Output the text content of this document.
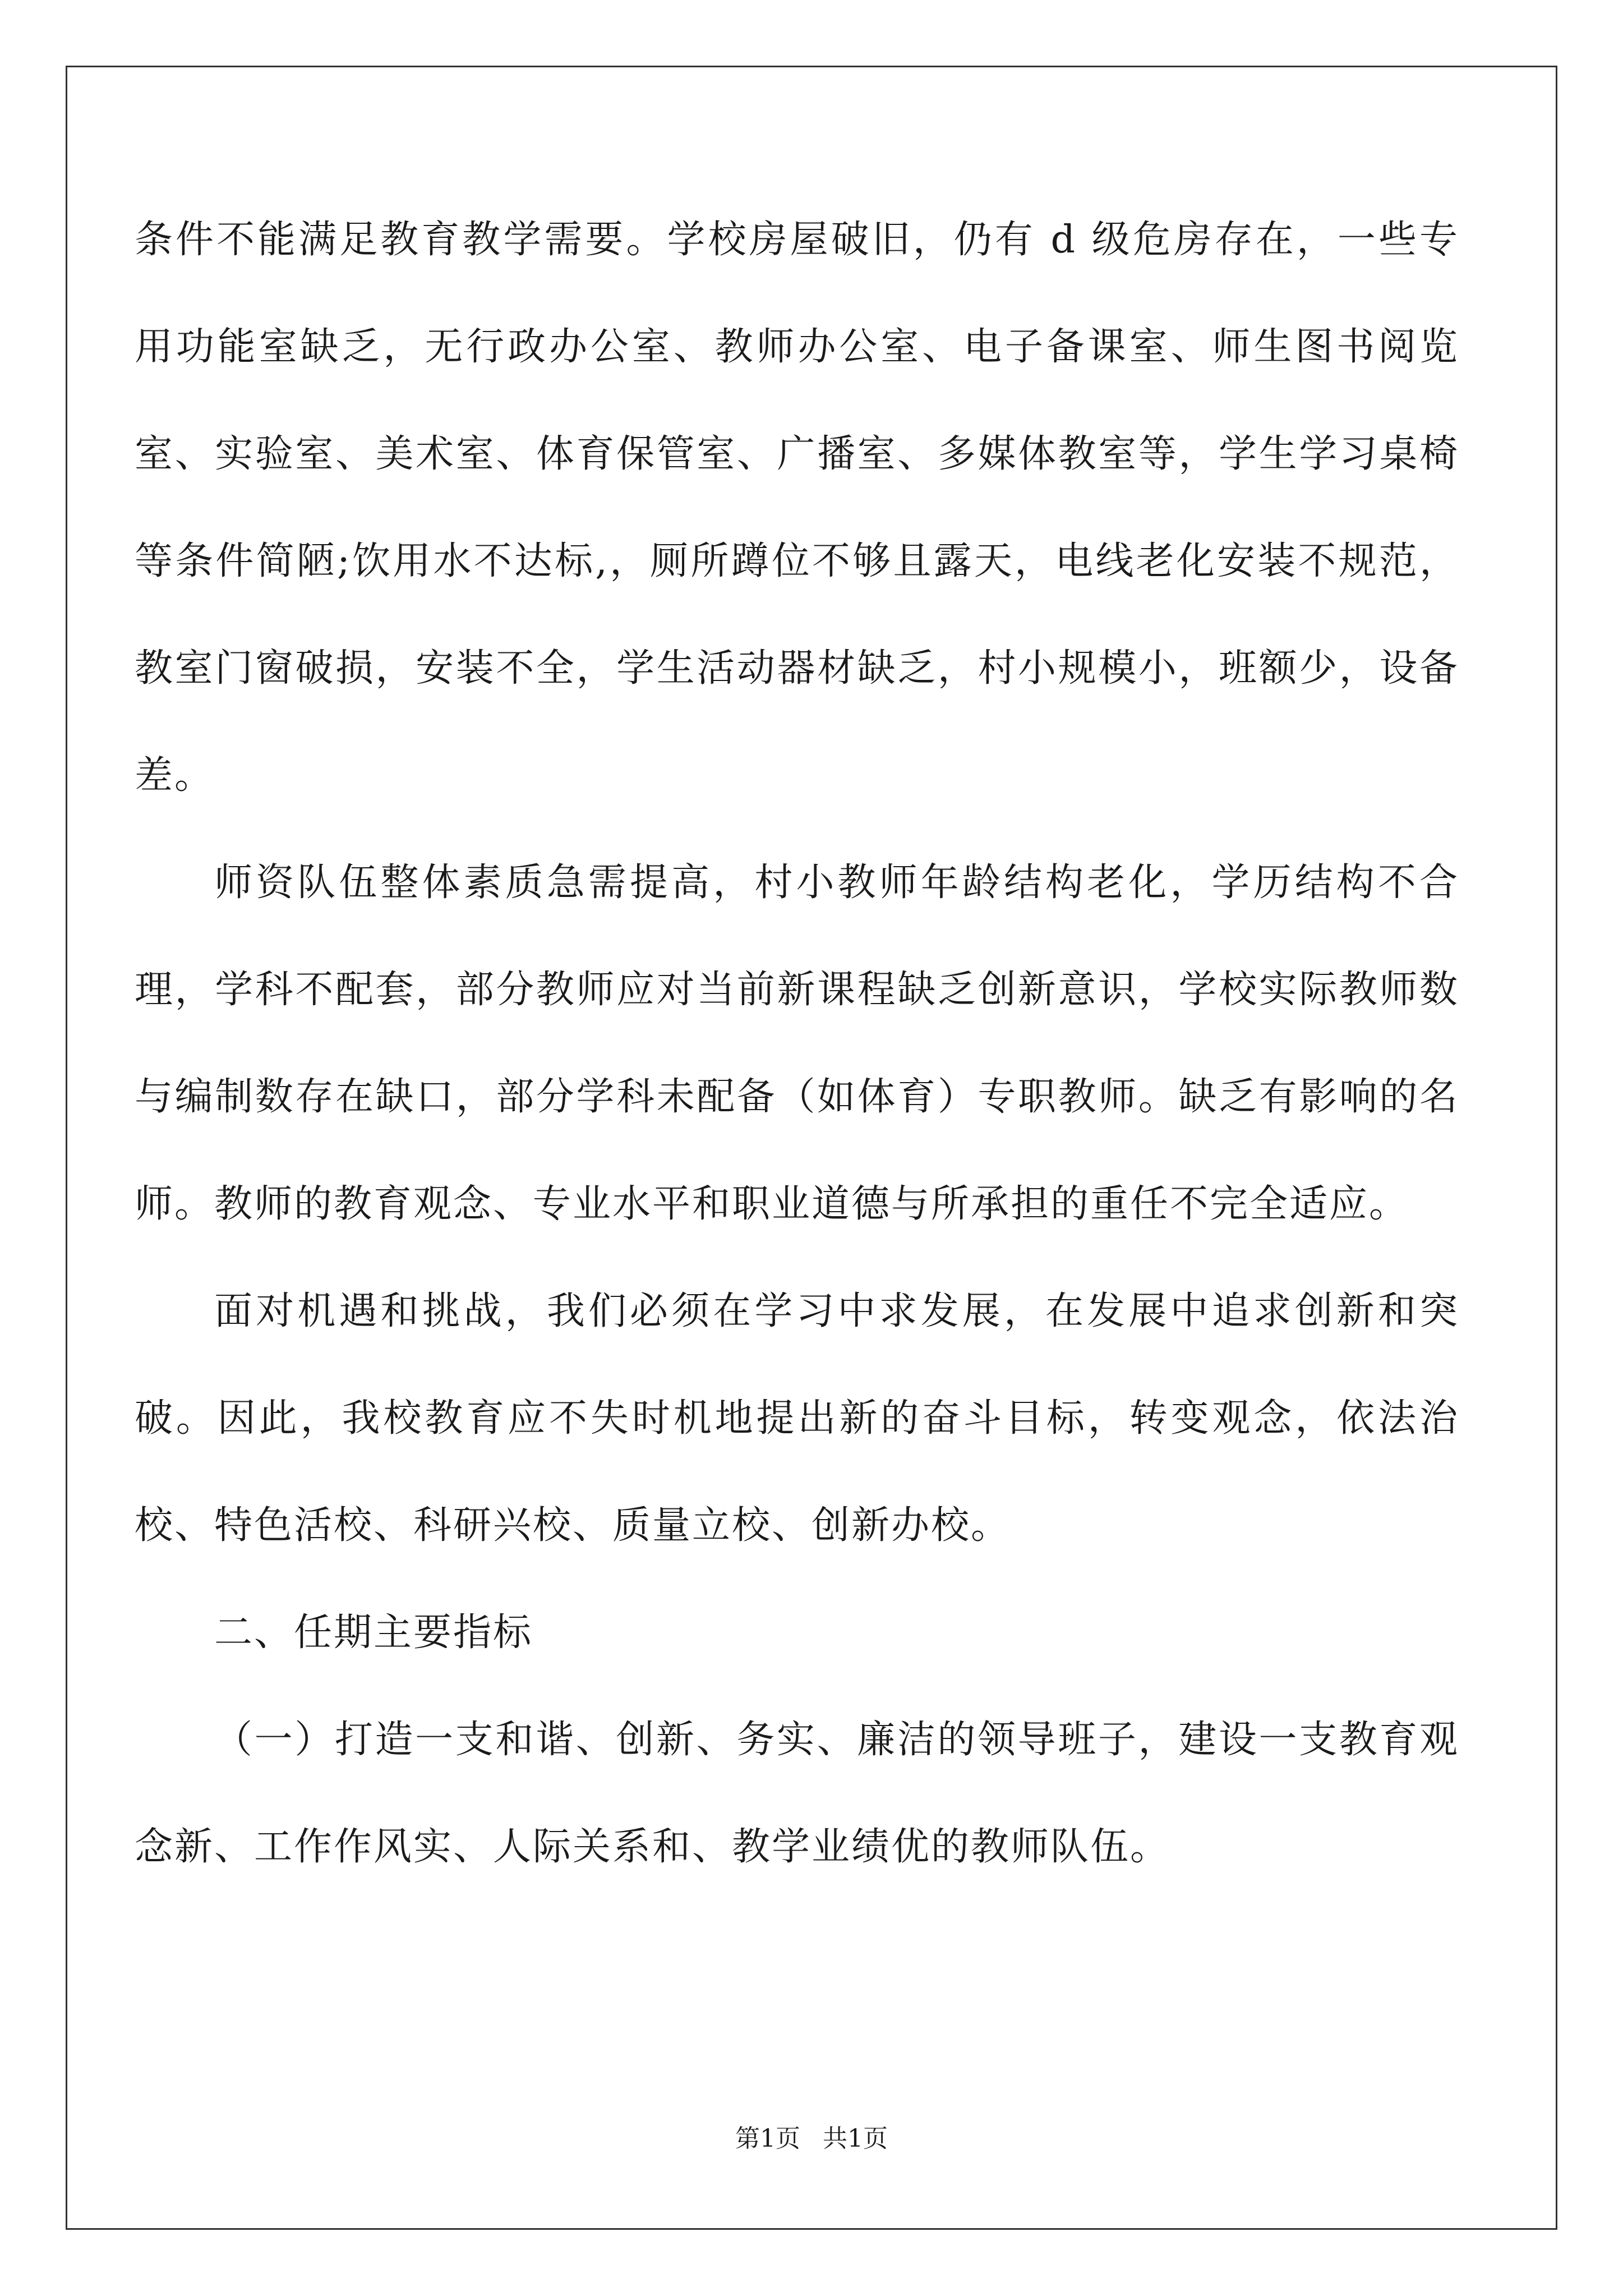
条件不能满足教育教学需要。学校房屋破旧，仍有 d 级危房存在，一些专用功能室缺乏，无行政办公室、教师办公室、电子备课室、师生图书阅览室、实验室、美术室、体育保管室、广播室、多媒体教室等，学生学习桌椅等条件简陋;饮用水不达标,，厕所蹲位不够且露天，电线老化安装不规范，教室门窗破损，安装不全，学生活动器材缺乏，村小规模小，班额少，设备差。

师资队伍整体素质急需提高，村小教师年龄结构老化，学历结构不合理，学科不配套，部分教师应对当前新课程缺乏创新意识，学校实际教师数与编制数存在缺口，部分学科未配备（如体育）专职教师。缺乏有影响的名师。教师的教育观念、专业水平和职业道德与所承担的重任不完全适应。

面对机遇和挑战，我们必须在学习中求发展，在发展中追求创新和突破。因此，我校教育应不失时机地提出新的奋斗目标，转变观念，依法治校、特色活校、科研兴校、质量立校、创新办校。

二、任期主要指标

（一）打造一支和谐、创新、务实、廉洁的领导班子，建设一支教育观念新、工作作风实、人际关系和、教学业绩优的教师队伍。

第1页 共1页
